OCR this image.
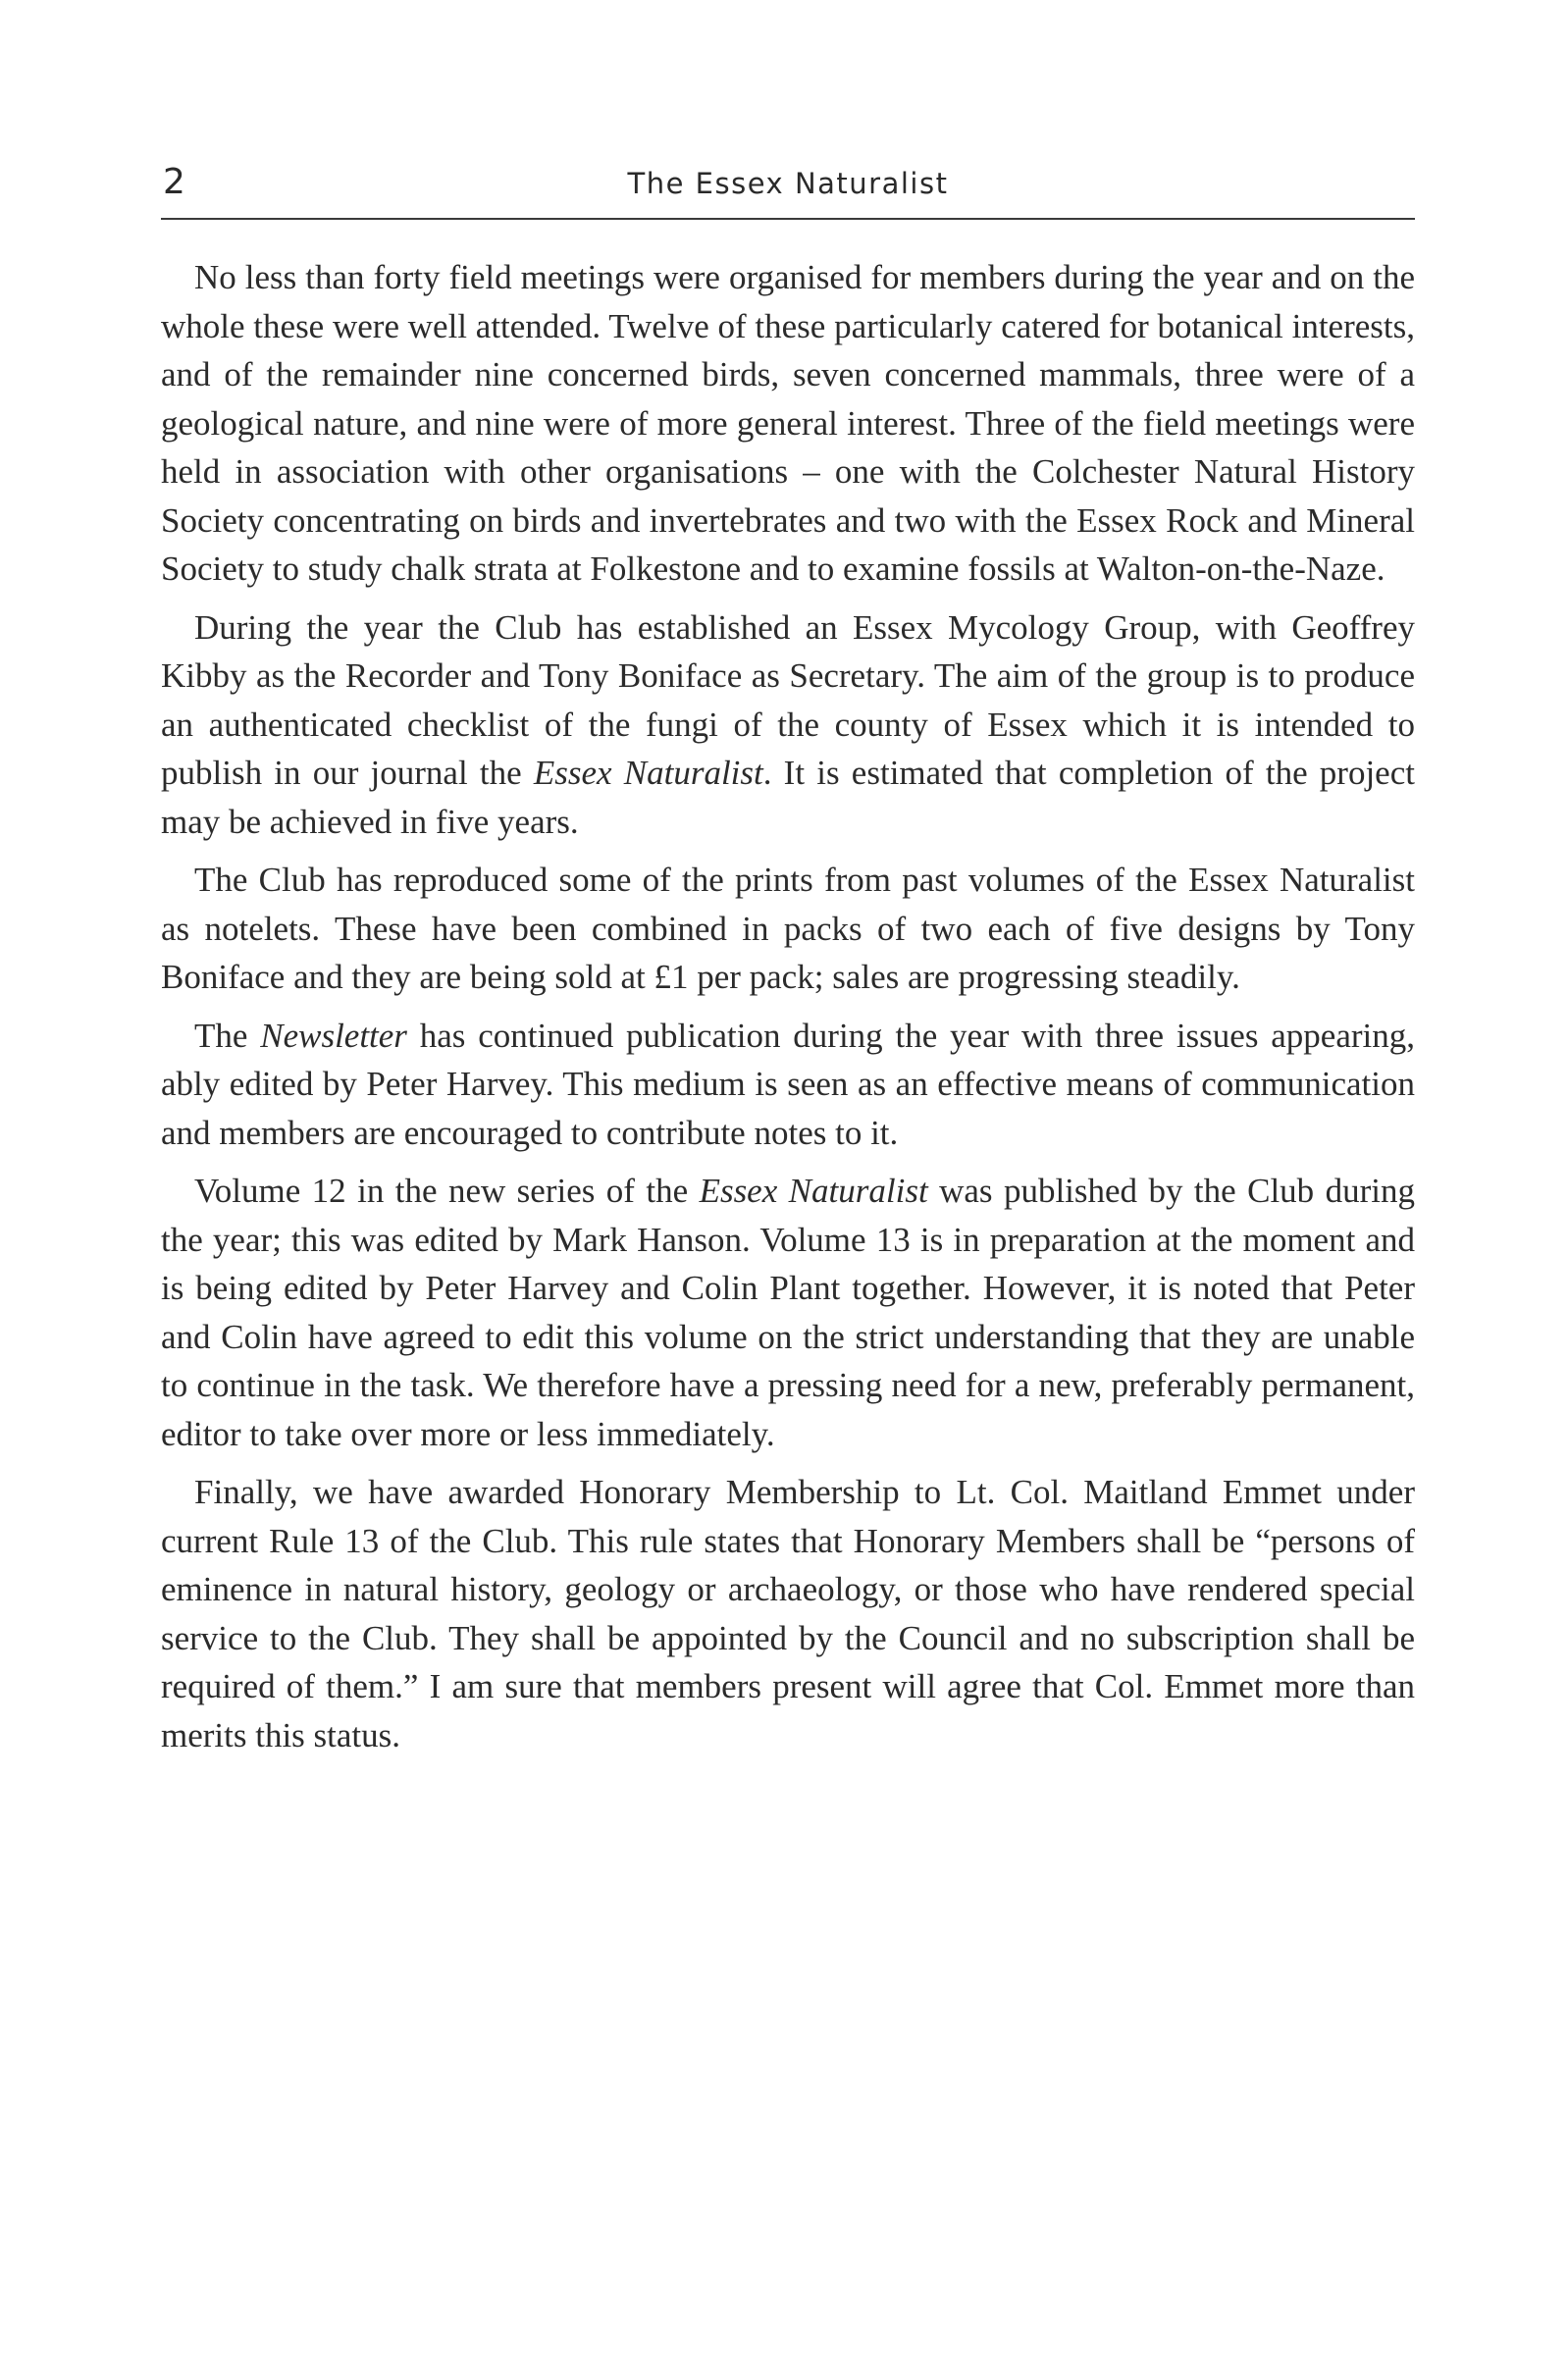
2	The Essex Naturalist

No less than forty field meetings were organised for members during the year and on the whole these were well attended. Twelve of these particularly catered for botanical interests, and of the remainder nine concerned birds, seven concerned mammals, three were of a geological nature, and nine were of more general interest. Three of the field meetings were held in association with other organisations – one with the Colchester Natural History Society concentrating on birds and invertebrates and two with the Essex Rock and Mineral Society to study chalk strata at Folkestone and to examine fossils at Walton-on-the-Naze.

During the year the Club has established an Essex Mycology Group, with Geoffrey Kibby as the Recorder and Tony Boniface as Secretary. The aim of the group is to produce an authenticated checklist of the fungi of the county of Essex which it is intended to publish in our journal the Essex Naturalist. It is estimated that completion of the project may be achieved in five years.

The Club has reproduced some of the prints from past volumes of the Essex Naturalist as notelets. These have been combined in packs of two each of five designs by Tony Boniface and they are being sold at £1 per pack; sales are progressing steadily.

The Newsletter has continued publication during the year with three issues appearing, ably edited by Peter Harvey. This medium is seen as an effective means of communication and members are encouraged to contribute notes to it.

Volume 12 in the new series of the Essex Naturalist was published by the Club during the year; this was edited by Mark Hanson. Volume 13 is in preparation at the moment and is being edited by Peter Harvey and Colin Plant together. However, it is noted that Peter and Colin have agreed to edit this volume on the strict understanding that they are unable to continue in the task. We therefore have a pressing need for a new, preferably permanent, editor to take over more or less immediately.

Finally, we have awarded Honorary Membership to Lt. Col. Maitland Emmet under current Rule 13 of the Club. This rule states that Honorary Members shall be “persons of eminence in natural history, geology or archaeology, or those who have rendered special service to the Club. They shall be appointed by the Council and no subscription shall be required of them.” I am sure that members present will agree that Col. Emmet more than merits this status.
